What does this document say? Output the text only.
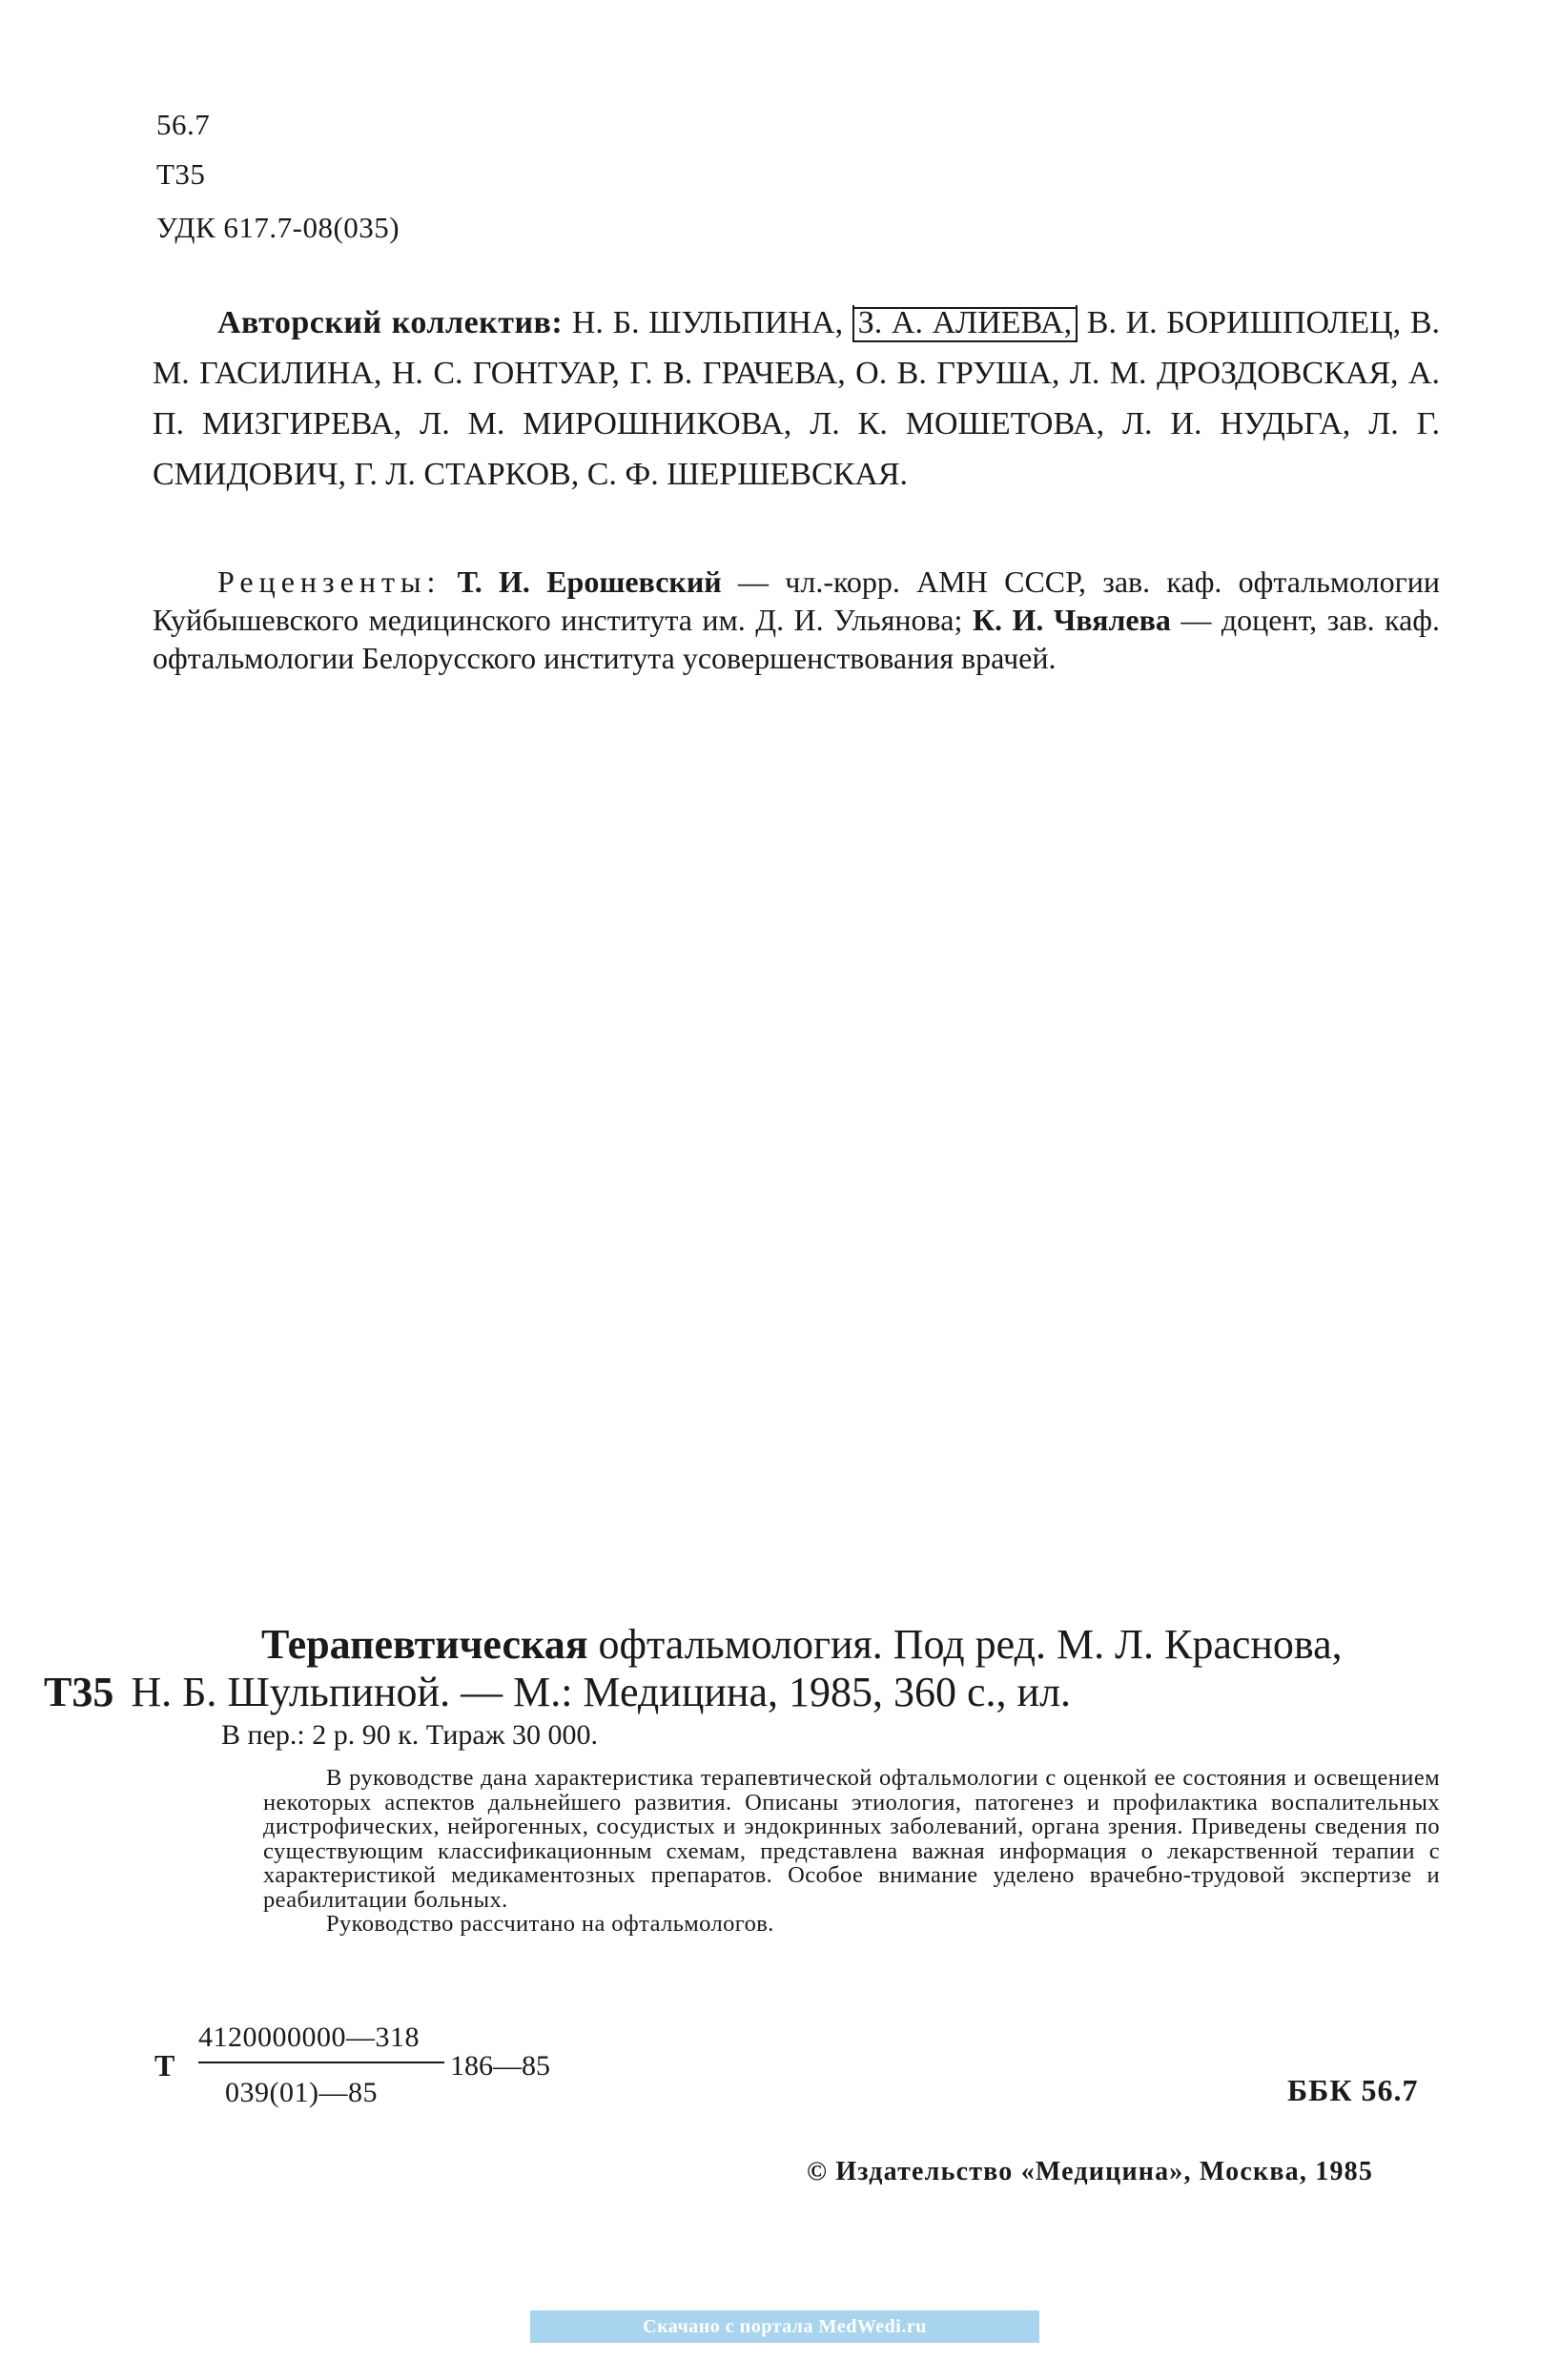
56.7
Т35
УДК 617.7-08(035)
Авторский коллектив: Н. Б. ШУЛЬПИНА, З. А. АЛИЕВА, В. И. БОРИШПОЛЕЦ, В. М. ГАСИЛИНА, Н. С. ГОНТУАР, Г. В. ГРАЧЕВА, О. В. ГРУША, Л. М. ДРОЗДОВСКАЯ, А. П. МИЗГИРЕВА, Л. М. МИРОШНИКОВА, Л. К. МОШЕТОВА, Л. И. НУДЬГА, Л. Г. СМИДОВИЧ, Г. Л. СТАРКОВ, С. Ф. ШЕРШЕВСКАЯ.
Рецензенты: Т. И. Ерошевский — чл.-корр. АМН СССР, зав. каф. офтальмологии Куйбышевского медицинского института им. Д. И. Ульянова; К. И. Чвялева — доцент, зав. каф. офтальмологии Белорусского института усовершенствования врачей.
Терапевтическая офтальмология. Под ред. М. Л. Краснова,
Т35 Н. Б. Шульпиной. — М.: Медицина, 1985, 360 с., ил.
В пер.: 2 р. 90 к. Тираж 30 000.

В руководстве дана характеристика терапевтической офтальмологии с оценкой ее состояния и освещением некоторых аспектов дальнейшего развития. Описаны этиология, патогенез и профилактика воспалительных дистрофических, нейрогенных, сосудистых и эндокринных заболеваний, органа зрения. Приведены сведения по существующим классификационным схемам, представлена важная информация о лекарственной терапии с характеристикой медикаментозных препаратов. Особое внимание уделено врачебно-трудовой экспертизе и реабилитации больных.

Руководство рассчитано на офтальмологов.

Т
4120000000—318
039(01)—85
186—85
ББК 56.7
© Издательство «Медицина», Москва, 1985
Скачано с портала MedWedi.ru
